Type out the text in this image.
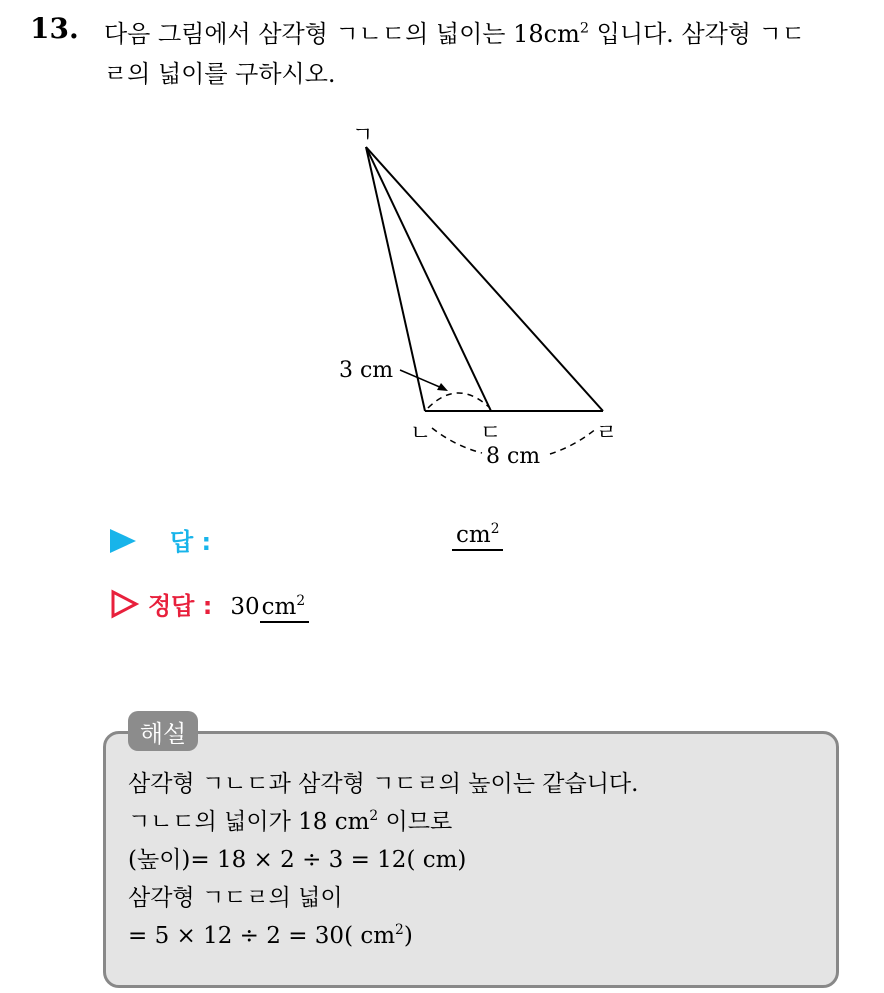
13. 다음 그림에서 삼각형 ㄱㄴㄷ의 넓이는 $18cm^2$ 입니다. 삼각형 ㄱㄷ
ㄹ의 넓이를 구하시오.
ㄱ
ㄴ ㄷ	ㄹ
3 cm
8 cm
답 :	$cm^2$
정답 : 30 $cm^2$
해설
삼각형 ㄱㄴㄷ과 삼각형 ㄱㄷㄹ의 높이는 같습니다.
ㄱㄴㄷ의 넓이가 18 $cm^2$ 이므로
(높이)= 18 × 2 ÷ 3 = 12( cm)
삼각형 ㄱㄷㄹ의 넓이
= 5 × 12 ÷ 2 = 30( $cm^2$)
